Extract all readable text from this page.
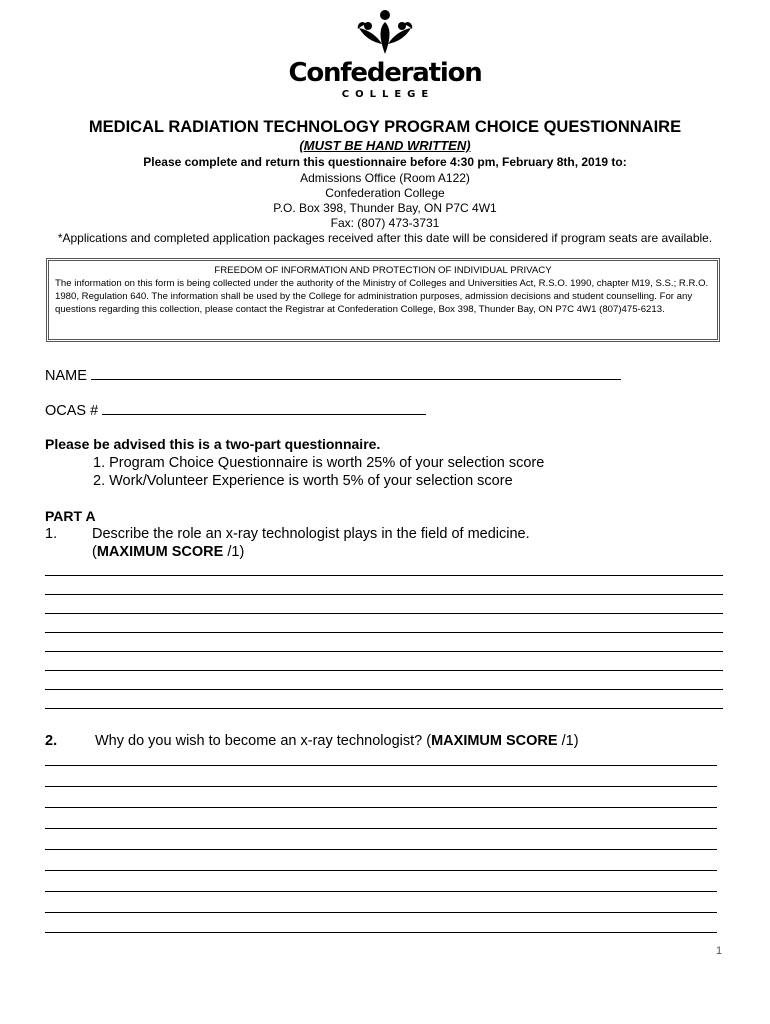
Confederation
COLLEGE
MEDICAL RADIATION TECHNOLOGY PROGRAM CHOICE QUESTIONNAIRE
(MUST BE HAND WRITTEN)
Please complete and return this questionnaire before 4:30 pm, February 8th, 2019 to:
Admissions Office (Room A122)
Confederation College
P.O. Box 398, Thunder Bay, ON P7C 4W1
Fax: (807) 473-3731
*Applications and completed application packages received after this date will be considered if program seats are available.
FREEDOM OF INFORMATION AND PROTECTION OF INDIVIDUAL PRIVACY
The information on this form is being collected under the authority of the Ministry of Colleges and Universities Act, R.S.O. 1990, chapter M19, S.S.; R.R.O. 1980, Regulation 640. The information shall be used by the College for administration purposes, admission decisions and student counselling. For any questions regarding this collection, please contact the Registrar at Confederation College, Box 398, Thunder Bay, ON P7C 4W1 (807)475-6213.
NAME
OCAS #
Please be advised this is a two-part questionnaire.
1. Program Choice Questionnaire is worth 25% of your selection score
2. Work/Volunteer Experience is worth 5% of your selection score
PART A
1. Describe the role an x-ray technologist plays in the field of medicine.
(MAXIMUM SCORE /1)
2.	Why do you wish to become an x-ray technologist? (MAXIMUM SCORE /1)
1
